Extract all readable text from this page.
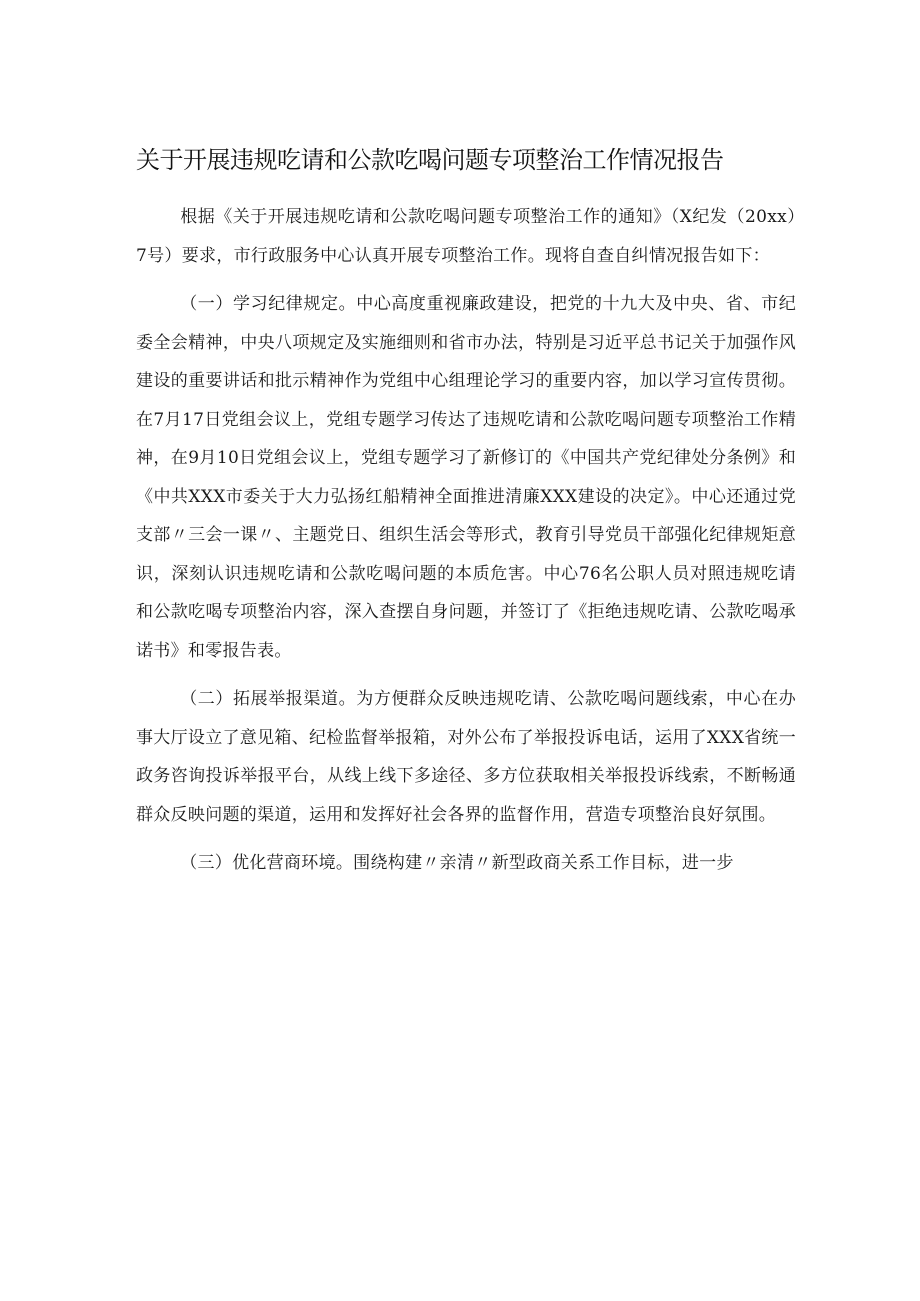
关于开展违规吃请和公款吃喝问题专项整治工作情况报告

根据《关于开展违规吃请和公款吃喝问题专项整治工作的通知》（X纪发（20xx）7号）要求，市行政服务中心认真开展专项整治工作。现将自查自纠情况报告如下：

（一）学习纪律规定。中心高度重视廉政建设，把党的十九大及中央、省、市纪委全会精神，中央八项规定及实施细则和省市办法，特别是习近平总书记关于加强作风建设的重要讲话和批示精神作为党组中心组理论学习的重要内容，加以学习宣传贯彻。在7月17日党组会议上，党组专题学习传达了违规吃请和公款吃喝问题专项整治工作精神，在9月10日党组会议上，党组专题学习了新修订的《中国共产党纪律处分条例》和《中共XXX市委关于大力弘扬红船精神全面推进清廉XXX建设的决定》。中心还通过党支部〃三会一课〃、主题党日、组织生活会等形式，教育引导党员干部强化纪律规矩意识，深刻认识违规吃请和公款吃喝问题的本质危害。中心76名公职人员对照违规吃请和公款吃喝专项整治内容，深入查摆自身问题，并签订了《拒绝违规吃请、公款吃喝承诺书》和零报告表。

（二）拓展举报渠道。为方便群众反映违规吃请、公款吃喝问题线索，中心在办事大厅设立了意见箱、纪检监督举报箱，对外公布了举报投诉电话，运用了XXX省统一政务咨询投诉举报平台，从线上线下多途径、多方位获取相关举报投诉线索，不断畅通群众反映问题的渠道，运用和发挥好社会各界的监督作用，营造专项整治良好氛围。

（三）优化营商环境。围绕构建〃亲清〃新型政商关系工作目标，进一步
